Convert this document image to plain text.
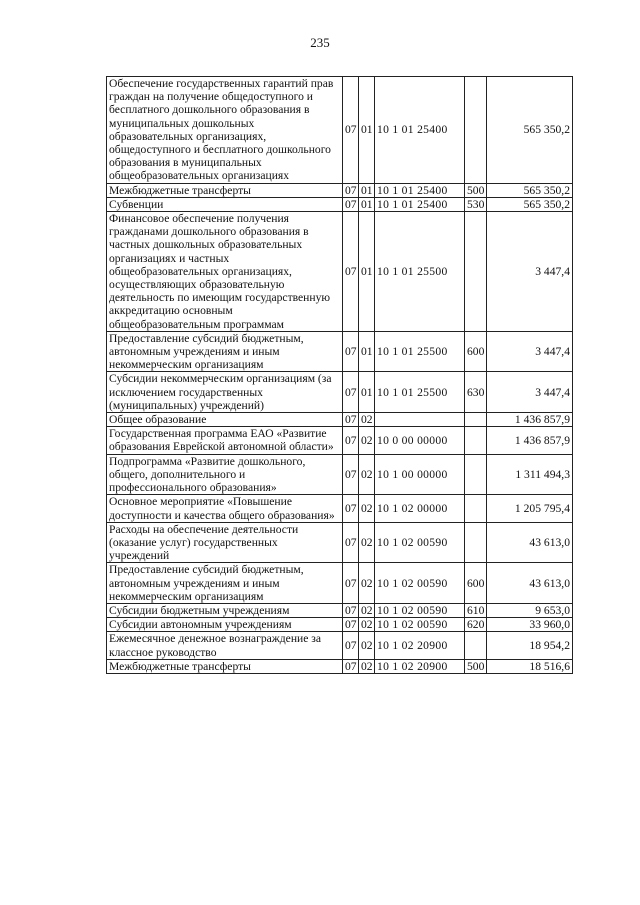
235
Обеспечение государственных гарантий прав граждан на получение общедоступного и бесплатного дошкольного образования в муниципальных дошкольных образовательных организациях, общедоступного и бесплатного дошкольного образования в муниципальных общеобразовательных организациях	07	01	10 1 01 25400		565 350,2
Межбюджетные трансферты	07	01	10 1 01 25400	500	565 350,2
Субвенции	07	01	10 1 01 25400	530	565 350,2
Финансовое обеспечение получения гражданами дошкольного образования в частных дошкольных образовательных организациях и частных общеобразовательных организациях, осуществляющих образовательную деятельность по имеющим государственную аккредитацию основным общеобразовательным программам	07	01	10 1 01 25500		3 447,4
Предоставление субсидий бюджетным, автономным учреждениям и иным некоммерческим организациям	07	01	10 1 01 25500	600	3 447,4
Субсидии некоммерческим организациям (за исключением государственных (муниципальных) учреждений)	07	01	10 1 01 25500	630	3 447,4
Общее образование	07	02			1 436 857,9
Государственная программа ЕАО «Развитие образования Еврейской автономной области»	07	02	10 0 00 00000		1 436 857,9
Подпрограмма «Развитие дошкольного, общего, дополнительного и профессионального образования»	07	02	10 1 00 00000		1 311 494,3
Основное мероприятие «Повышение доступности и качества общего образования»	07	02	10 1 02 00000		1 205 795,4
Расходы на обеспечение деятельности (оказание услуг) государственных учреждений	07	02	10 1 02 00590		43 613,0
Предоставление субсидий бюджетным, автономным учреждениям и иным некоммерческим организациям	07	02	10 1 02 00590	600	43 613,0
Субсидии бюджетным учреждениям	07	02	10 1 02 00590	610	9 653,0
Субсидии автономным учреждениям	07	02	10 1 02 00590	620	33 960,0
Ежемесячное денежное вознаграждение за классное руководство	07	02	10 1 02 20900		18 954,2
Межбюджетные трансферты	07	02	10 1 02 20900	500	18 516,6
